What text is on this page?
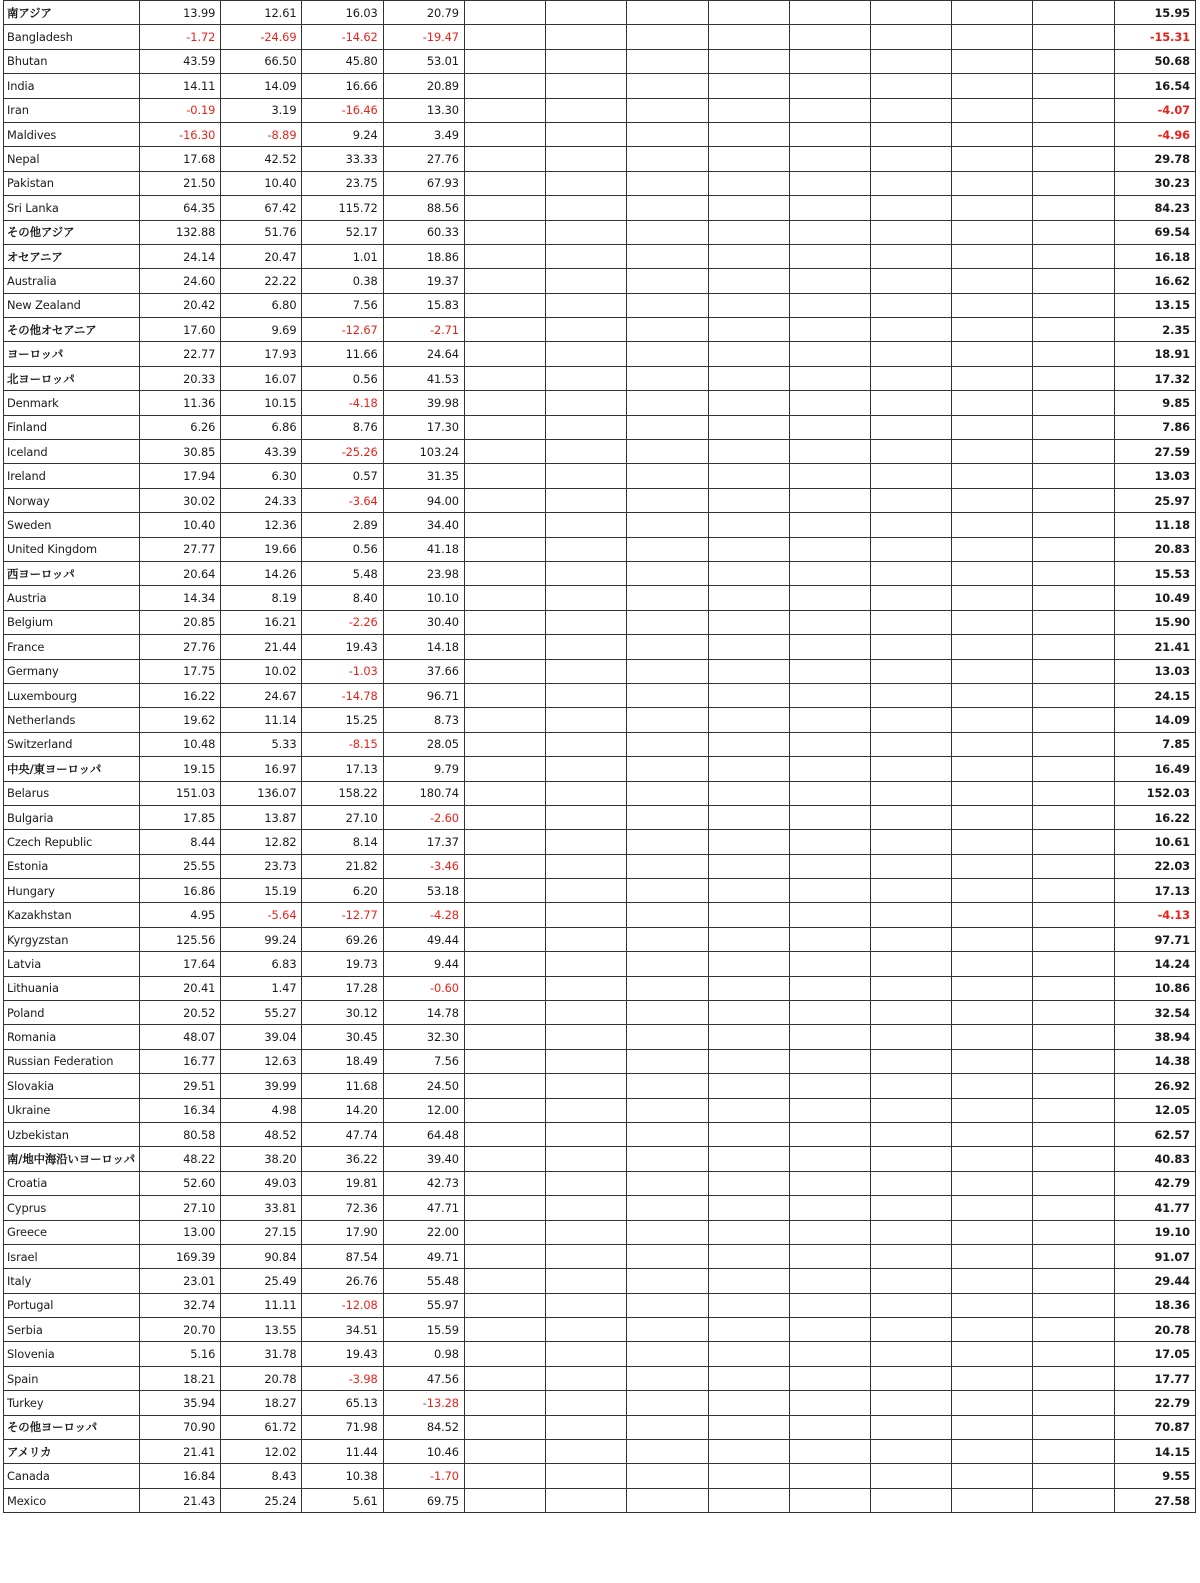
南アジア	13.99	12.61	16.03	20.79									15.95
Bangladesh	-1.72	-24.69	-14.62	-19.47									-15.31
Bhutan	43.59	66.50	45.80	53.01									50.68
India	14.11	14.09	16.66	20.89									16.54
Iran	-0.19	3.19	-16.46	13.30									-4.07
Maldives	-16.30	-8.89	9.24	3.49									-4.96
Nepal	17.68	42.52	33.33	27.76									29.78
Pakistan	21.50	10.40	23.75	67.93									30.23
Sri Lanka	64.35	67.42	115.72	88.56									84.23
その他アジア	132.88	51.76	52.17	60.33									69.54
オセアニア	24.14	20.47	1.01	18.86									16.18
Australia	24.60	22.22	0.38	19.37									16.62
New Zealand	20.42	6.80	7.56	15.83									13.15
その他オセアニア	17.60	9.69	-12.67	-2.71									2.35
ヨーロッパ	22.77	17.93	11.66	24.64									18.91
北ヨーロッパ	20.33	16.07	0.56	41.53									17.32
Denmark	11.36	10.15	-4.18	39.98									9.85
Finland	6.26	6.86	8.76	17.30									7.86
Iceland	30.85	43.39	-25.26	103.24									27.59
Ireland	17.94	6.30	0.57	31.35									13.03
Norway	30.02	24.33	-3.64	94.00									25.97
Sweden	10.40	12.36	2.89	34.40									11.18
United Kingdom	27.77	19.66	0.56	41.18									20.83
西ヨーロッパ	20.64	14.26	5.48	23.98									15.53
Austria	14.34	8.19	8.40	10.10									10.49
Belgium	20.85	16.21	-2.26	30.40									15.90
France	27.76	21.44	19.43	14.18									21.41
Germany	17.75	10.02	-1.03	37.66									13.03
Luxembourg	16.22	24.67	-14.78	96.71									24.15
Netherlands	19.62	11.14	15.25	8.73									14.09
Switzerland	10.48	5.33	-8.15	28.05									7.85
中央/東ヨーロッパ	19.15	16.97	17.13	9.79									16.49
Belarus	151.03	136.07	158.22	180.74									152.03
Bulgaria	17.85	13.87	27.10	-2.60									16.22
Czech Republic	8.44	12.82	8.14	17.37									10.61
Estonia	25.55	23.73	21.82	-3.46									22.03
Hungary	16.86	15.19	6.20	53.18									17.13
Kazakhstan	4.95	-5.64	-12.77	-4.28									-4.13
Kyrgyzstan	125.56	99.24	69.26	49.44									97.71
Latvia	17.64	6.83	19.73	9.44									14.24
Lithuania	20.41	1.47	17.28	-0.60									10.86
Poland	20.52	55.27	30.12	14.78									32.54
Romania	48.07	39.04	30.45	32.30									38.94
Russian Federation	16.77	12.63	18.49	7.56									14.38
Slovakia	29.51	39.99	11.68	24.50									26.92
Ukraine	16.34	4.98	14.20	12.00									12.05
Uzbekistan	80.58	48.52	47.74	64.48									62.57
南/地中海沿いヨーロッパ	48.22	38.20	36.22	39.40									40.83
Croatia	52.60	49.03	19.81	42.73									42.79
Cyprus	27.10	33.81	72.36	47.71									41.77
Greece	13.00	27.15	17.90	22.00									19.10
Israel	169.39	90.84	87.54	49.71									91.07
Italy	23.01	25.49	26.76	55.48									29.44
Portugal	32.74	11.11	-12.08	55.97									18.36
Serbia	20.70	13.55	34.51	15.59									20.78
Slovenia	5.16	31.78	19.43	0.98									17.05
Spain	18.21	20.78	-3.98	47.56									17.77
Turkey	35.94	18.27	65.13	-13.28									22.79
その他ヨーロッパ	70.90	61.72	71.98	84.52									70.87
アメリカ	21.41	12.02	11.44	10.46									14.15
Canada	16.84	8.43	10.38	-1.70									9.55
Mexico	21.43	25.24	5.61	69.75									27.58
